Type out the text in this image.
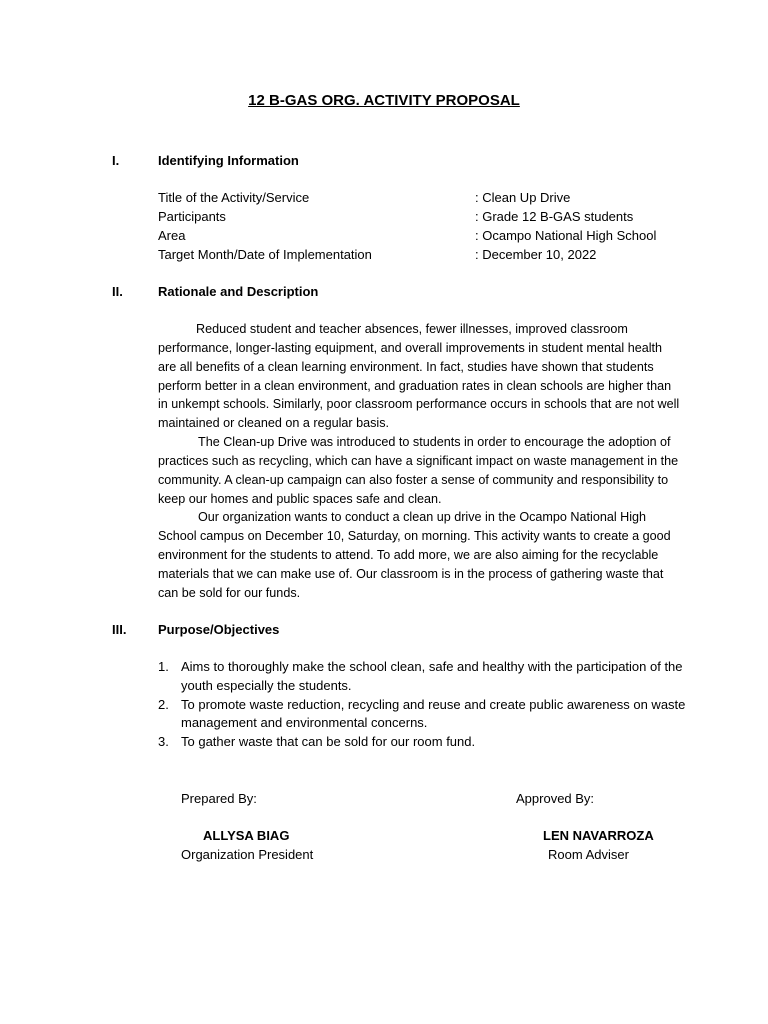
12 B-GAS ORG. ACTIVITY PROPOSAL
I.	Identifying Information
Title of the Activity/Service	: Clean Up Drive
Participants	: Grade 12 B-GAS students
Area	: Ocampo National High School
Target Month/Date of Implementation	: December 10, 2022
II.	Rationale and Description

Reduced student and teacher absences, fewer illnesses, improved classroom performance, longer-lasting equipment, and overall improvements in student mental health are all benefits of a clean learning environment. In fact, studies have shown that students perform better in a clean environment, and graduation rates in clean schools are higher than in unkempt schools. Similarly, poor classroom performance occurs in schools that are not well maintained or cleaned on a regular basis.

The Clean-up Drive was introduced to students in order to encourage the adoption of practices such as recycling, which can have a significant impact on waste management in the community. A clean-up campaign can also foster a sense of community and responsibility to keep our homes and public spaces safe and clean.

Our organization wants to conduct a clean up drive in the Ocampo National High School campus on December 10, Saturday, on morning. This activity wants to create a good environment for the students to attend. To add more, we are also aiming for the recyclable materials that we can make use of. Our classroom is in the process of gathering waste that can be sold for our funds.

III. Purpose/Objectives
1. Aims to thoroughly make the school clean, safe and healthy with the participation of the
youth especially the students.
2. To promote waste reduction, recycling and reuse and create public awareness on waste
management and environmental concerns.
3. To gather waste that can be sold for our room fund.
Prepared By:	Approved By:
ALLYSA BIAG	LEN NAVARROZA
Organization President	Room Adviser
